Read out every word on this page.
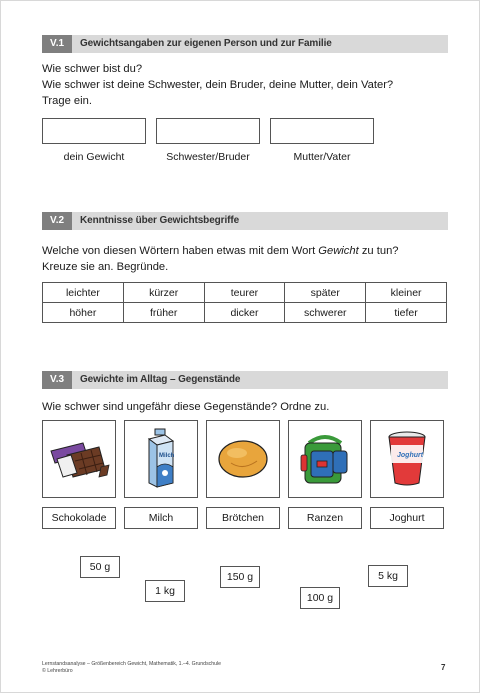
V.1	Gewichtsangaben zur eigenen Person und zur Familie
Wie schwer bist du?
Wie schwer ist deine Schwester, dein Bruder, deine Mutter, dein Vater?
Trage ein.
dein Gewicht	Schwester/Bruder	Mutter/Vater
V.2	Kenntnisse über Gewichtsbegriffe
Welche von diesen Wörtern haben etwas mit dem Wort Gewicht zu tun?
Kreuze sie an. Begründe.
leichter	kürzer	teurer	später	kleiner
höher	früher	dicker	schwerer	tiefer
V.3	Gewichte im Alltag – Gegenstände
Wie schwer sind ungefähr diese Gegenstände? Ordne zu.
Milch	Joghurt
Schokolade	Milch	Brötchen	Ranzen	Joghurt
50 g
1 kg
150 g
100 g
5 kg
Lernstandsanalyse – Größenbereich Gewicht, Mathematik, 1.–4. Grundschule
© Lehrerbüro	7
